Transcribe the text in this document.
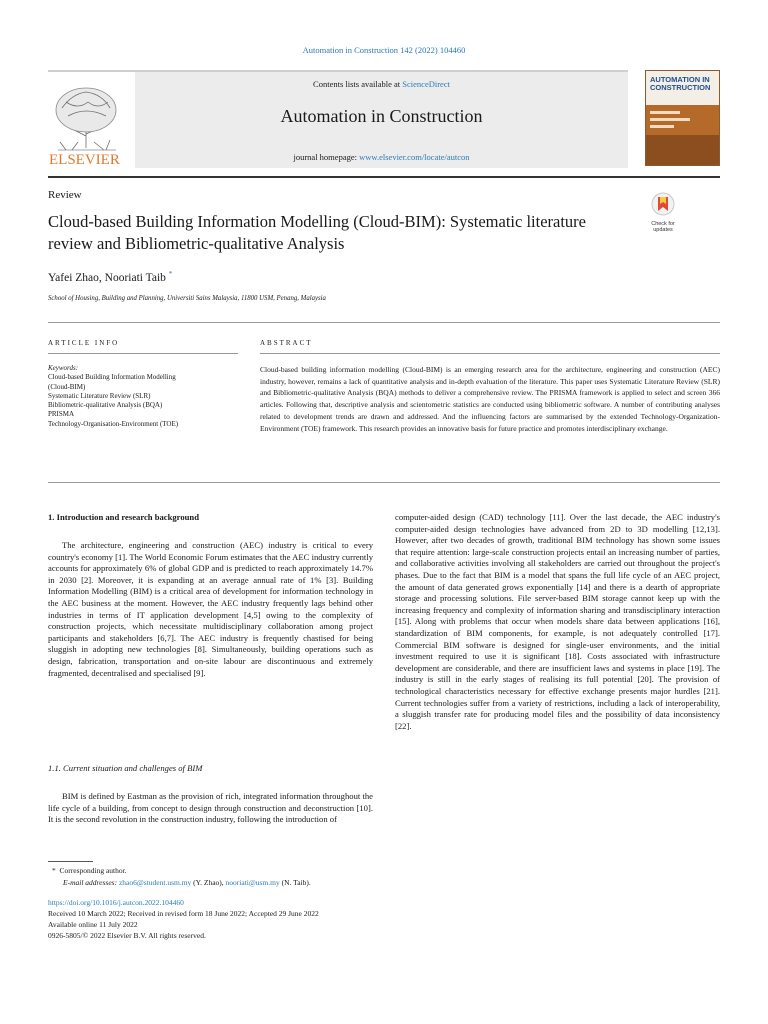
Automation in Construction 142 (2022) 104460
ELSEVIER
Contents lists available at ScienceDirect
Automation in Construction
journal homepage: www.elsevier.com/locate/autcon
AUTOMATION IN CONSTRUCTION
Review
Cloud-based Building Information Modelling (Cloud-BIM): Systematic literature review and Bibliometric-qualitative Analysis
Check for updates
Yafei Zhao, Nooriati Taib *
School of Housing, Building and Planning, Universiti Sains Malaysia, 11800 USM, Penang, Malaysia
ARTICLE INFO	ABSTRACT
Keywords:
Cloud-based Building Information Modelling
(Cloud-BIM)
Systematic Literature Review (SLR)
Bibliometric-qualitative Analysis (BQA)
PRISMA
Technology-Organisation-Environment (TOE)
Cloud-based building information modelling (Cloud-BIM) is an emerging research area for the architecture, engineering and construction (AEC) industry, however, remains a lack of quantitative analysis and in-depth evaluation of the literature. This paper uses Systematic Literature Review (SLR) and Bibliometric-qualitative Analysis (BQA) methods to deliver a comprehensive review. The PRISMA framework is applied to select and screen 366 articles. Following that, descriptive analysis and scientometric statistics are conducted using bibliometric software. A number of contributing analyses related to development trends are drawn and addressed. And the influencing factors are summarised by the extended Technology-Organization-Environment (TOE) framework. This research provides an innovative basis for future practice and promotes interdisciplinary exchange.
1. Introduction and research background
The architecture, engineering and construction (AEC) industry is critical to every country's economy [1]. The World Economic Forum estimates that the AEC industry currently accounts for approximately 6% of global GDP and is predicted to reach approximately 14.7% in 2030 [2]. Moreover, it is expanding at an average annual rate of 1% [3]. Building Information Modelling (BIM) is a critical area of development for information technology in the AEC business at the moment. However, the AEC industry frequently lags behind other industries in terms of IT application development [4,5] owing to the complexity of construction projects, which necessitate multidisciplinary collaboration among project participants and stakeholders [6,7]. The AEC industry is frequently chastised for being sluggish in adopting new technologies [8]. Simultaneously, building operations such as design, fabrication, transportation and on-site labour are discontinuous and extremely fragmented, decentralised and specialised [9].
1.1. Current situation and challenges of BIM
BIM is defined by Eastman as the provision of rich, integrated information throughout the life cycle of a building, from concept to design through construction and deconstruction [10]. It is the second revolution in the construction industry, following the introduction of
computer-aided design (CAD) technology [11]. Over the last decade, the AEC industry's computer-aided design technologies have advanced from 2D to 3D modelling [12,13]. However, after two decades of growth, traditional BIM technology has shown some issues that require attention: large-scale construction projects entail an increasing number of parties, and collaborative activities involving all stakeholders are carried out throughout the project's phases. Due to the fact that BIM is a model that spans the full life cycle of an AEC project, the amount of data generated grows exponentially [14] and there is a dearth of appropriate storage and processing solutions. File server-based BIM storage cannot keep up with the increasing frequency and complexity of information sharing and transdisciplinary interaction [15]. Along with problems that occur when models share data between applications [16], standardization of BIM components, for example, is not adequately controlled [17]. Commercial BIM software is designed for single-user environments, and the initial investment required to use it is significant [18]. Costs associated with infrastructure development are considerable, and there are insufficient laws and systems in place [19]. The industry is still in the early stages of realising its full potential [20]. The provision of technological characteristics necessary for effective exchange presents major hurdles [21]. Current technologies suffer from a variety of restrictions, including a lack of interoperability, a sluggish transfer rate for producing model files and the possibility of data inconsistency [22].
* Corresponding author.
E-mail addresses: zhao6@student.usm.my (Y. Zhao), nooriati@usm.my (N. Taib).
https://doi.org/10.1016/j.autcon.2022.104460
Received 10 March 2022; Received in revised form 18 June 2022; Accepted 29 June 2022
Available online 11 July 2022
0926-5805/© 2022 Elsevier B.V. All rights reserved.
